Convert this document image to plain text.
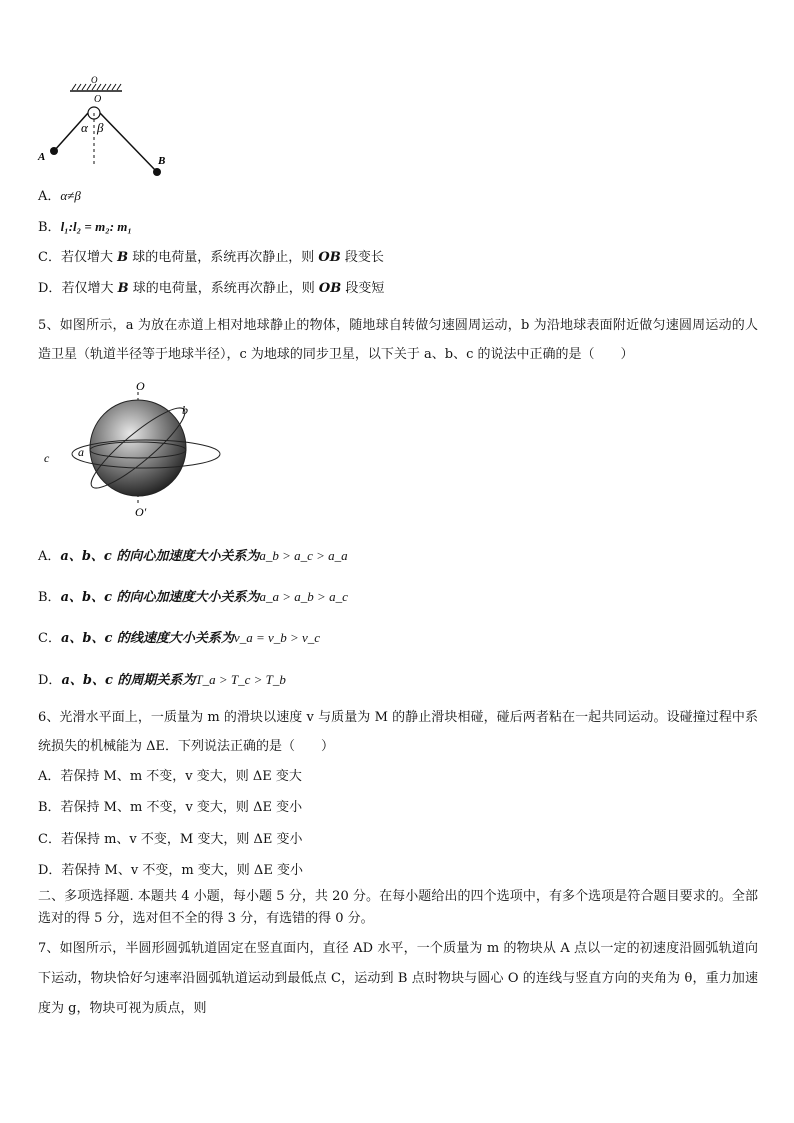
O
O
α β
A	B
A．α≠β
B．l₁:l₂ = m₂: m₁
C．若仅增大 B 球的电荷量，系统再次静止，则 OB 段变长
D．若仅增大 B 球的电荷量，系统再次静止，则 OB 段变短
5、如图所示，a 为放在赤道上相对地球静止的物体，随地球自转做匀速圆周运动，b 为沿地球表面附近做匀速圆周运动的人造卫星（轨道半径等于地球半径），c 为地球的同步卫星，以下关于 a、b、c 的说法中正确的是（　　）
O
O′
b
a
c
A．a、b、c 的向心加速度大小关系为a_b > a_c > a_a
B．a、b、c 的向心加速度大小关系为a_a > a_b > a_c
C．a、b、c 的线速度大小关系为v_a = v_b > v_c
D．a、b、c 的周期关系为T_a > T_c > T_b
6、光滑水平面上，一质量为 m 的滑块以速度 v 与质量为 M 的静止滑块相碰，碰后两者粘在一起共同运动。设碰撞过程中系统损失的机械能为 ΔE．下列说法正确的是（　　）
A．若保持 M、m 不变，v 变大，则 ΔE 变大
B．若保持 M、m 不变，v 变大，则 ΔE 变小
C．若保持 m、v 不变，M 变大，则 ΔE 变小
D．若保持 M、v 不变，m 变大，则 ΔE 变小
二、多项选择题. 本题共 4 小题，每小题 5 分，共 20 分。在每小题给出的四个选项中，有多个选项是符合题目要求的。全部选对的得 5 分，选对但不全的得 3 分，有选错的得 0 分。
7、如图所示，半圆形圆弧轨道固定在竖直面内，直径 AD 水平，一个质量为 m 的物块从 A 点以一定的初速度沿圆弧轨道向下运动，物块恰好匀速率沿圆弧轨道运动到最低点 C，运动到 B 点时物块与圆心 O 的连线与竖直方向的夹角为 θ，重力加速度为 g，物块可视为质点，则
